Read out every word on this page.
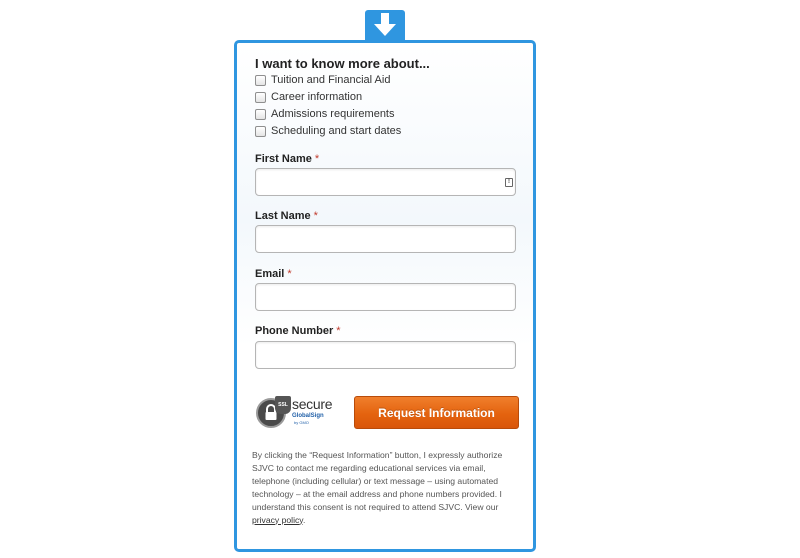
I want to know more about...
Tuition and Financial Aid
Career information
Admissions requirements
Scheduling and start dates
First Name *
!
Last Name *
Email *
Phone Number *
SSL secure
GlobalSign
by GMO
Request Information
By clicking the “Request Information” button, I expressly authorize SJVC to contact me regarding educational services via email, telephone (including cellular) or text message – using automated technology – at the email address and phone numbers provided. I understand this consent is not required to attend SJVC. View our privacy policy.
